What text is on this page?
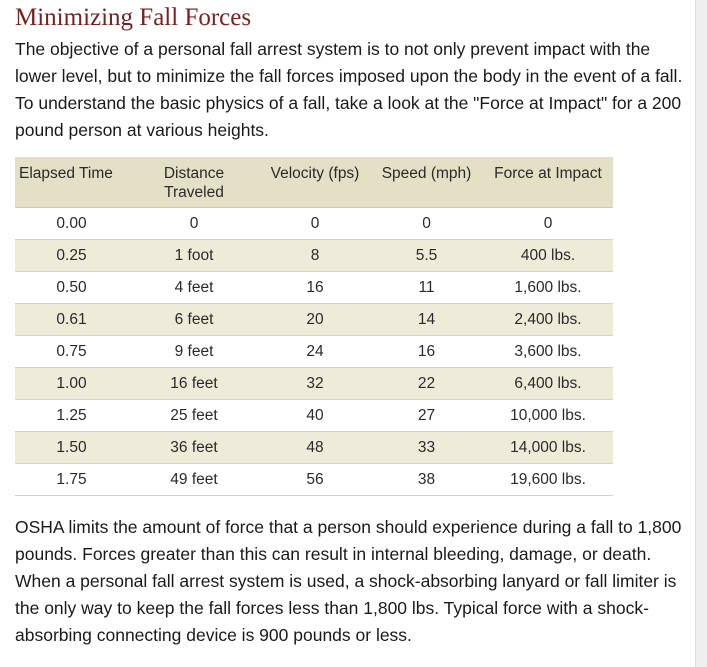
Minimizing Fall Forces

The objective of a personal fall arrest system is to not only prevent impact with the lower level, but to minimize the fall forces imposed upon the body in the event of a fall. To understand the basic physics of a fall, take a look at the "Force at Impact" for a 200 pound person at various heights.

Elapsed Time	Distance Traveled	Velocity (fps)	Speed (mph)	Force at Impact
0.00	0	0	0	0
0.25	1 foot	8	5.5	400 lbs.
0.50	4 feet	16	11	1,600 lbs.
0.61	6 feet	20	14	2,400 lbs.
0.75	9 feet	24	16	3,600 lbs.
1.00	16 feet	32	22	6,400 lbs.
1.25	25 feet	40	27	10,000 lbs.
1.50	36 feet	48	33	14,000 lbs.
1.75	49 feet	56	38	19,600 lbs.

OSHA limits the amount of force that a person should experience during a fall to 1,800 pounds. Forces greater than this can result in internal bleeding, damage, or death. When a personal fall arrest system is used, a shock-absorbing lanyard or fall limiter is the only way to keep the fall forces less than 1,800 lbs. Typical force with a shock-absorbing connecting device is 900 pounds or less.
